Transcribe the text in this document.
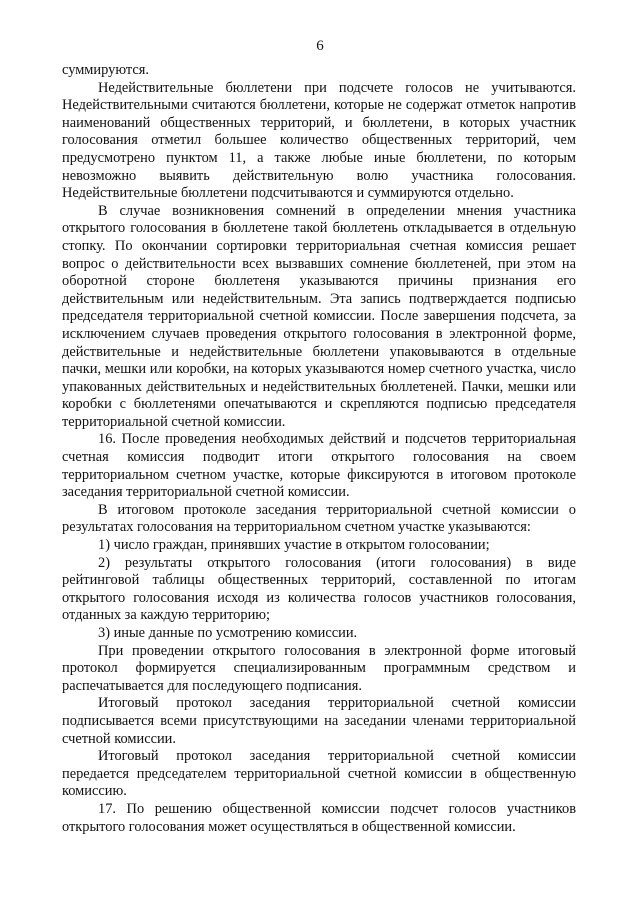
6

суммируются.

Недействительные бюллетени при подсчете голосов не учитываются. Недействительными считаются бюллетени, которые не содержат отметок напротив наименований общественных территорий, и бюллетени, в которых участник голосования отметил большее количество общественных территорий, чем предусмотрено пунктом 11, а также любые иные бюллетени, по которым невозможно выявить действительную волю участника голосования. Недействительные бюллетени подсчитываются и суммируются отдельно.

В случае возникновения сомнений в определении мнения участника открытого голосования в бюллетене такой бюллетень откладывается в отдельную стопку. По окончании сортировки территориальная счетная комиссия решает вопрос о действительности всех вызвавших сомнение бюллетеней, при этом на оборотной стороне бюллетеня указываются причины признания его действительным или недействительным. Эта запись подтверждается подписью председателя территориальной счетной комиссии. После завершения подсчета, за исключением случаев проведения открытого голосования в электронной форме, действительные и недействительные бюллетени упаковываются в отдельные пачки, мешки или коробки, на которых указываются номер счетного участка, число упакованных действительных и недействительных бюллетеней. Пачки, мешки или коробки с бюллетенями опечатываются и скрепляются подписью председателя территориальной счетной комиссии.

16. После проведения необходимых действий и подсчетов территориальная счетная комиссия подводит итоги открытого голосования на своем территориальном счетном участке, которые фиксируются в итоговом протоколе заседания территориальной счетной комиссии.

В итоговом протоколе заседания территориальной счетной комиссии о результатах голосования на территориальном счетном участке указываются:

1) число граждан, принявших участие в открытом голосовании;

2) результаты открытого голосования (итоги голосования) в виде рейтинговой таблицы общественных территорий, составленной по итогам открытого голосования исходя из количества голосов участников голосования, отданных за каждую территорию;

3) иные данные по усмотрению комиссии.

При проведении открытого голосования в электронной форме итоговый протокол формируется специализированным программным средством и распечатывается для последующего подписания.

Итоговый протокол заседания территориальной счетной комиссии подписывается всеми присутствующими на заседании членами территориальной счетной комиссии.

Итоговый протокол заседания территориальной счетной комиссии передается председателем территориальной счетной комиссии в общественную комиссию.

17. По решению общественной комиссии подсчет голосов участников открытого голосования может осуществляться в общественной комиссии.
